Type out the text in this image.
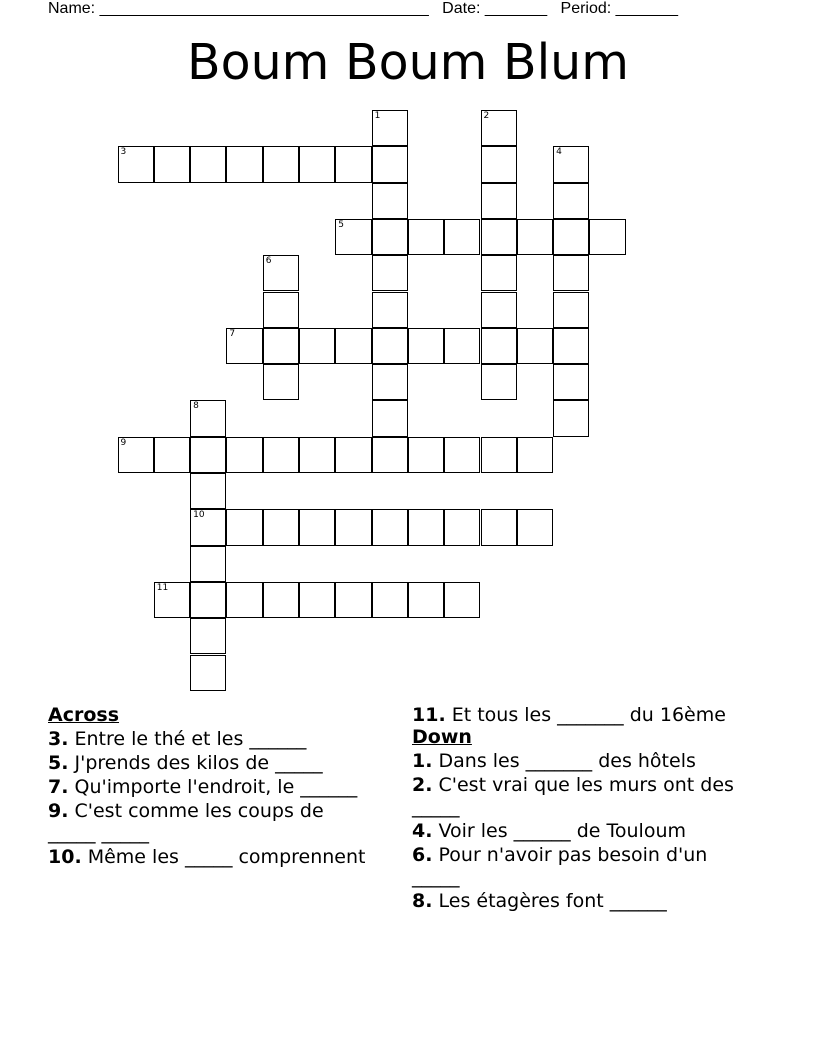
Name: _____________________________________ Date: _______ Period: _______
Boum Boum Blum
1	2
3	4
5
6
7
8
10
9
11
Across
3. Entre le thé et les ______
5. J'prends des kilos de _____
7. Qu'importe l'endroit, le ______
9. C'est comme les coups de _____ _____
10. Même les _____ comprennent
11. Et tous les _______ du 16ème
Down
1. Dans les _______ des hôtels
2. C'est vrai que les murs ont des _____
4. Voir les ______ de Touloum
6. Pour n'avoir pas besoin d'un _____
8. Les étagères font ______
